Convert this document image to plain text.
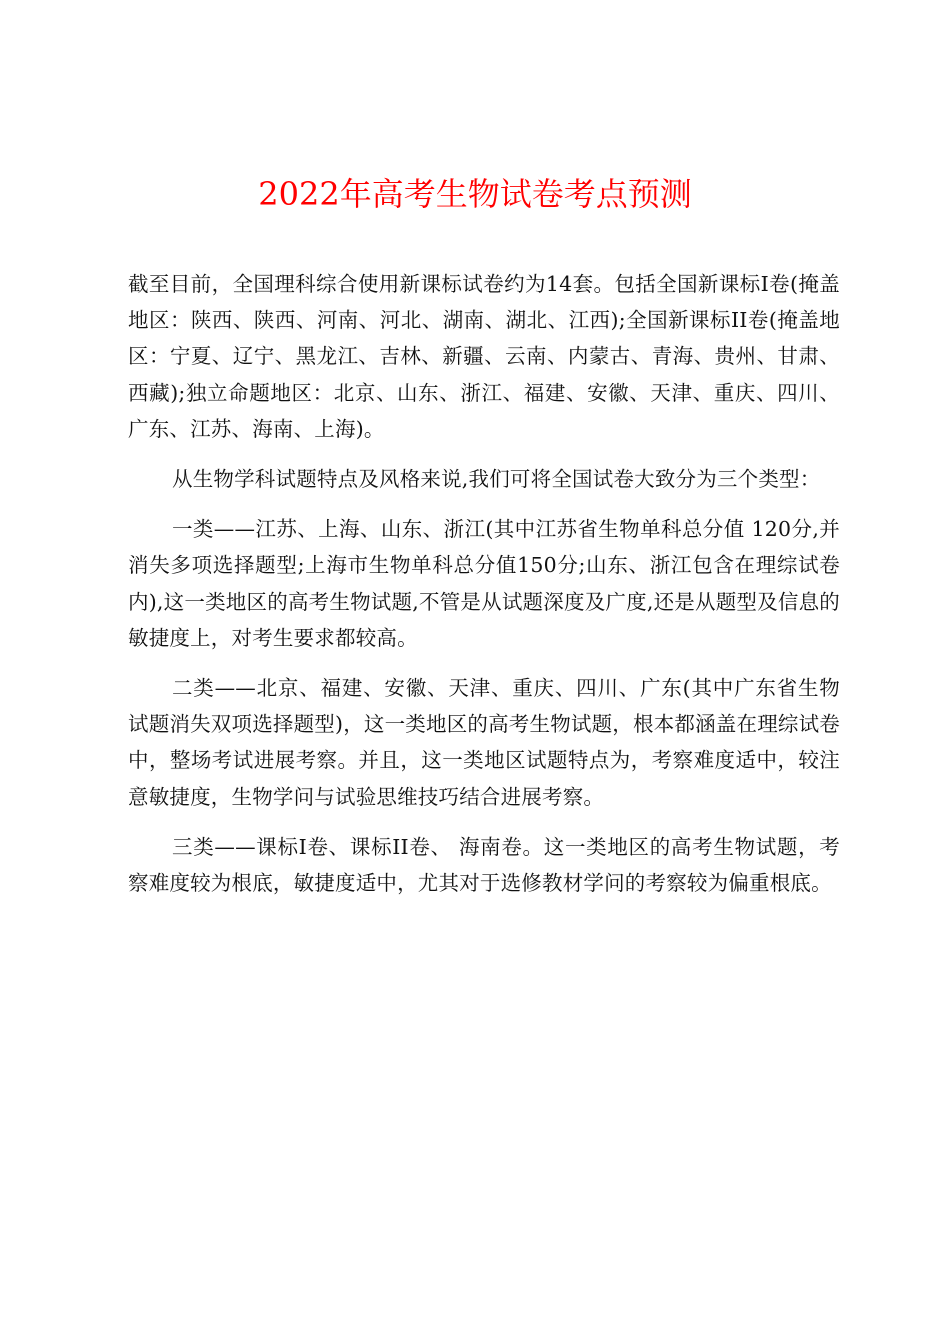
2022年高考生物试卷考点预测

截至目前，全国理科综合使用新课标试卷约为14套。包括全国新课标I卷(掩盖地区：陕西、陕西、河南、河北、湖南、湖北、江西);全国新课标II卷(掩盖地区：宁夏、辽宁、黑龙江、吉林、新疆、云南、内蒙古、青海、贵州、甘肃、西藏);独立命题地区：北京、山东、浙江、福建、安徽、天津、重庆、四川、广东、江苏、海南、上海)。

从生物学科试题特点及风格来说,我们可将全国试卷大致分为三个类型：

一类——江苏、上海、山东、浙江(其中江苏省生物单科总分值 120分,并消失多项选择题型;上海市生物单科总分值150分;山东、浙江包含在理综试卷内),这一类地区的高考生物试题,不管是从试题深度及广度,还是从题型及信息的敏捷度上，对考生要求都较高。

二类——北京、福建、安徽、天津、重庆、四川、广东(其中广东省生物试题消失双项选择题型)，这一类地区的高考生物试题，根本都涵盖在理综试卷中，整场考试进展考察。并且，这一类地区试题特点为，考察难度适中，较注意敏捷度，生物学问与试验思维技巧结合进展考察。

三类——课标I卷、课标II卷、 海南卷。这一类地区的高考生物试题，考察难度较为根底，敏捷度适中，尤其对于选修教材学问的考察较为偏重根底。
